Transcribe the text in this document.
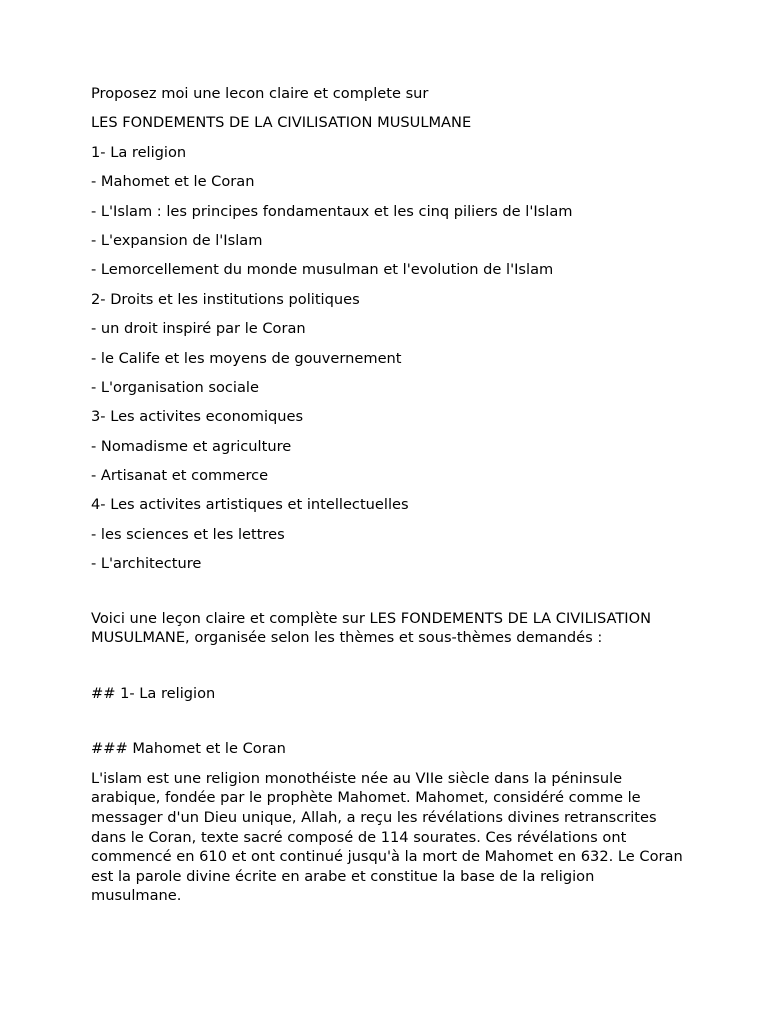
Proposez moi une lecon claire et complete sur
LES FONDEMENTS DE LA CIVILISATION MUSULMANE
1- La religion
- Mahomet et le Coran
- L'Islam : les principes fondamentaux et les cinq piliers de l'Islam
- L'expansion de l'Islam
- Lemorcellement du monde musulman et l'evolution de l'Islam
2- Droits et les institutions politiques
- un droit inspiré par le Coran
- le Calife et les moyens de gouvernement
- L'organisation sociale
3- Les activites economiques
- Nomadisme et agriculture
- Artisanat et commerce
4- Les activites artistiques et intellectuelles
- les sciences et les lettres
- L'architecture
Voici une leçon claire et complète sur LES FONDEMENTS DE LA CIVILISATION MUSULMANE, organisée selon les thèmes et sous-thèmes demandés :
## 1- La religion
### Mahomet et le Coran
L'islam est une religion monothéiste née au VIIe siècle dans la péninsule arabique, fondée par le prophète Mahomet. Mahomet, considéré comme le messager d'un Dieu unique, Allah, a reçu les révélations divines retranscrites dans le Coran, texte sacré composé de 114 sourates. Ces révélations ont commencé en 610 et ont continué jusqu'à la mort de Mahomet en 632. Le Coran est la parole divine écrite en arabe et constitue la base de la religion musulmane.
